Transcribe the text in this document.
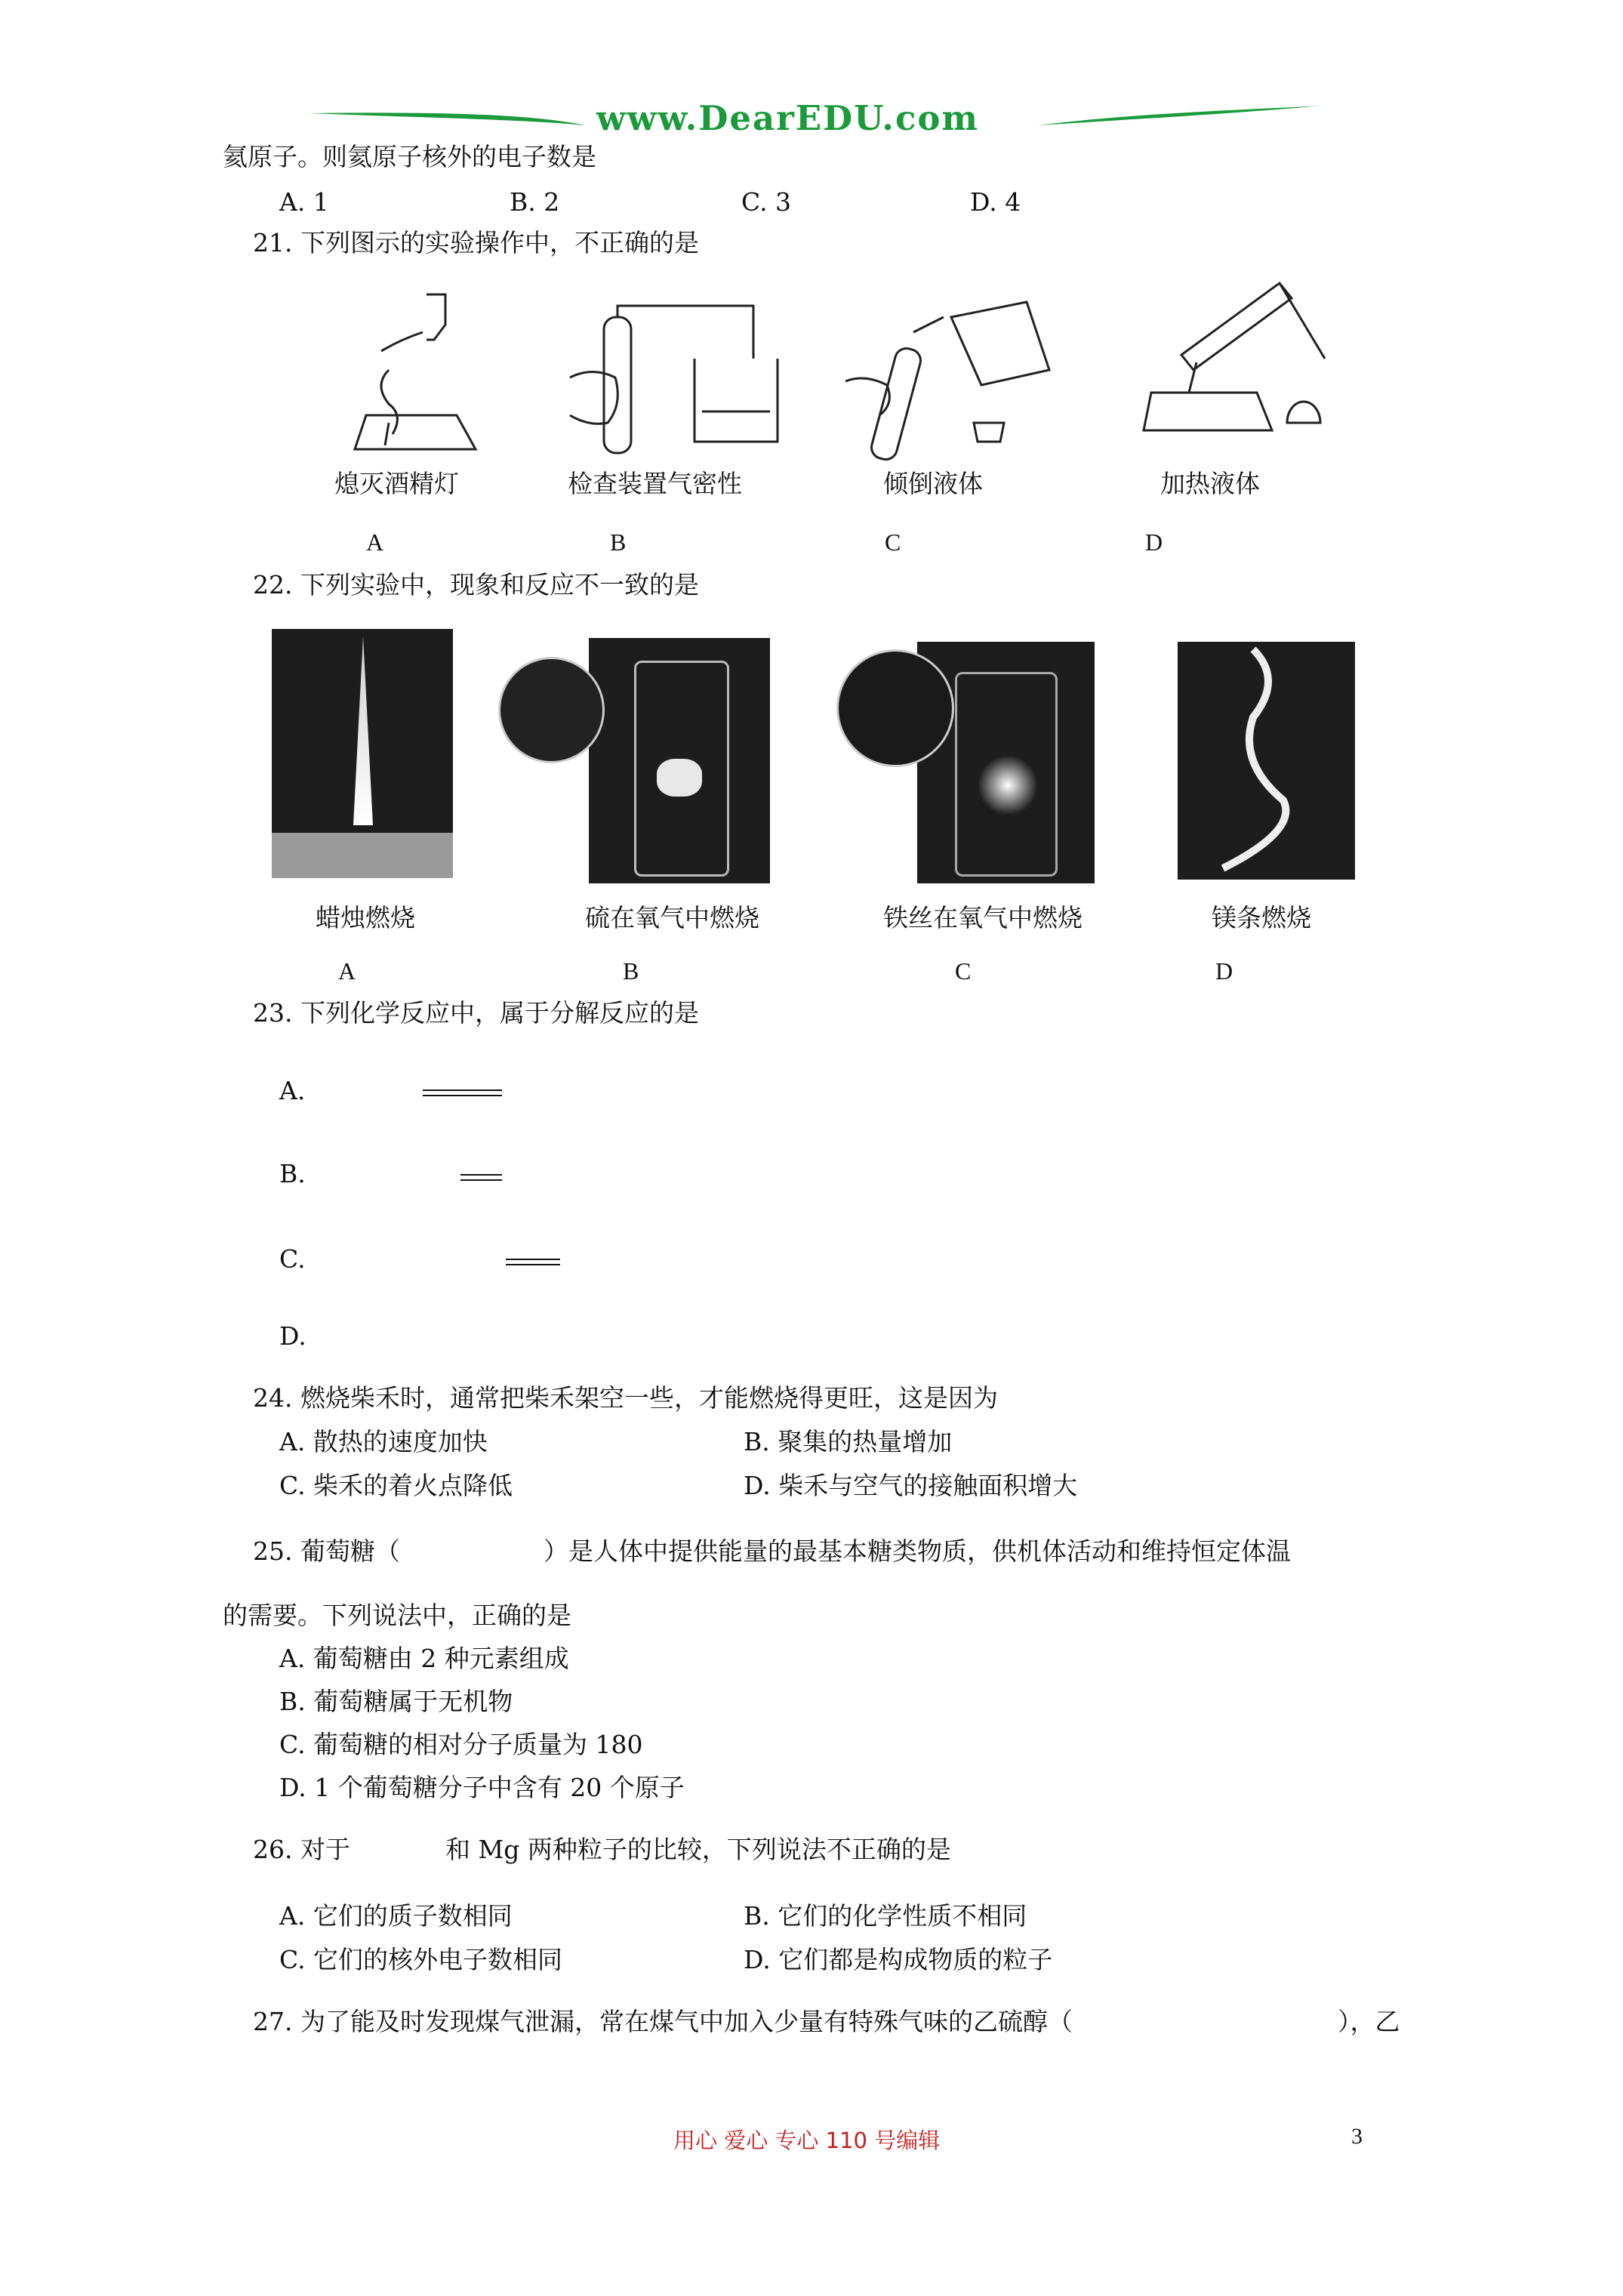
www.DearEDU.com
氦原子。则氦原子核外的电子数是
A. 1	B. 2	C. 3	D. 4
21. 下列图示的实验操作中，不正确的是
熄灭酒精灯	检查装置气密性	倾倒液体	加热液体
A	B	C	D
22. 下列实验中，现象和反应不一致的是
蜡烛燃烧	硫在氧气中燃烧	铁丝在氧气中燃烧	镁条燃烧
A	B	C	D
23. 下列化学反应中，属于分解反应的是
A.
B.
C.
D.
24. 燃烧柴禾时，通常把柴禾架空一些，才能燃烧得更旺，这是因为
A. 散热的速度加快	B. 聚集的热量增加
C. 柴禾的着火点降低	D. 柴禾与空气的接触面积增大
25. 葡萄糖（	）是人体中提供能量的最基本糖类物质，供机体活动和维持恒定体温
的需要。下列说法中，正确的是
A. 葡萄糖由 2 种元素组成
B. 葡萄糖属于无机物
C. 葡萄糖的相对分子质量为 180
D. 1 个葡萄糖分子中含有 20 个原子
26. 对于	和 Mg 两种粒子的比较，下列说法不正确的是
A. 它们的质子数相同	B. 它们的化学性质不相同
C. 它们的核外电子数相同	D. 它们都是构成物质的粒子
27. 为了能及时发现煤气泄漏，常在煤气中加入少量有特殊气味的乙硫醇（	），乙
用心 爱心 专心 110 号编辑	3
